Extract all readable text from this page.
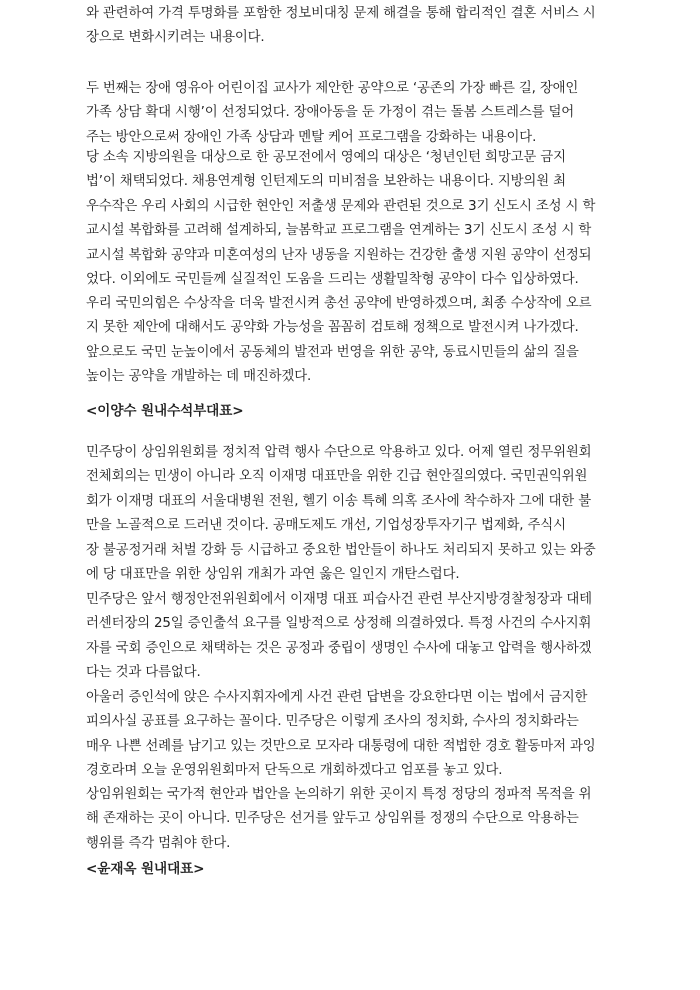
와 관련하여 가격 투명화를 포함한 정보비대칭 문제 해결을 통해 합리적인 결혼 서비스 시
장으로 변화시키려는 내용이다.
두 번째는 장애 영유아 어린이집 교사가 제안한 공약으로 ‘공존의 가장 빠른 길, 장애인
가족 상담 확대 시행’이 선정되었다. 장애아동을 둔 가정이 겪는 돌봄 스트레스를 덜어
주는 방안으로써 장애인 가족 상담과 멘탈 케어 프로그램을 강화하는 내용이다.
당 소속 지방의원을 대상으로 한 공모전에서 영예의 대상은 ‘청년인턴 희망고문 금지
법’이 채택되었다. 채용연계형 인턴제도의 미비점을 보완하는 내용이다. 지방의원 최
우수작은 우리 사회의 시급한 현안인 저출생 문제와 관련된 것으로 3기 신도시 조성 시 학
교시설 복합화를 고려해 설계하되, 늘봄학교 프로그램을 연계하는 3기 신도시 조성 시 학
교시설 복합화 공약과 미혼여성의 난자 냉동을 지원하는 건강한 출생 지원 공약이 선정되
었다. 이외에도 국민들께 실질적인 도움을 드리는 생활밀착형 공약이 다수 입상하였다.
우리 국민의힘은 수상작을 더욱 발전시켜 총선 공약에 반영하겠으며, 최종 수상작에 오르
지 못한 제안에 대해서도 공약화 가능성을 꼼꼼히 검토해 정책으로 발전시켜 나가겠다.
앞으로도 국민 눈높이에서 공동체의 발전과 번영을 위한 공약, 동료시민들의 삶의 질을
높이는 공약을 개발하는 데 매진하겠다.
<이양수 원내수석부대표>
민주당이 상임위원회를 정치적 압력 행사 수단으로 악용하고 있다. 어제 열린 정무위원회
전체회의는 민생이 아니라 오직 이재명 대표만을 위한 긴급 현안질의였다. 국민권익위원
회가 이재명 대표의 서울대병원 전원, 헬기 이송 특혜 의혹 조사에 착수하자 그에 대한 불
만을 노골적으로 드러낸 것이다. 공매도제도 개선, 기업성장투자기구 법제화, 주식시
장 불공정거래 처벌 강화 등 시급하고 중요한 법안들이 하나도 처리되지 못하고 있는 와중
에 당 대표만을 위한 상임위 개최가 과연 옳은 일인지 개탄스럽다.
민주당은 앞서 행정안전위원회에서 이재명 대표 피습사건 관련 부산지방경찰청장과 대테
러센터장의 25일 증인출석 요구를 일방적으로 상정해 의결하였다. 특정 사건의 수사지휘
자를 국회 증인으로 채택하는 것은 공정과 중립이 생명인 수사에 대놓고 압력을 행사하겠
다는 것과 다름없다.
아울러 증인석에 앉은 수사지휘자에게 사건 관련 답변을 강요한다면 이는 법에서 금지한
피의사실 공표를 요구하는 꼴이다. 민주당은 이렇게 조사의 정치화, 수사의 정치화라는
매우 나쁜 선례를 남기고 있는 것만으로 모자라 대통령에 대한 적법한 경호 활동마저 과잉
경호라며 오늘 운영위원회마저 단독으로 개회하겠다고 엄포를 놓고 있다.
상임위원회는 국가적 현안과 법안을 논의하기 위한 곳이지 특정 정당의 정파적 목적을 위
해 존재하는 곳이 아니다. 민주당은 선거를 앞두고 상임위를 정쟁의 수단으로 악용하는
행위를 즉각 멈춰야 한다.
<윤재옥 원내대표>
